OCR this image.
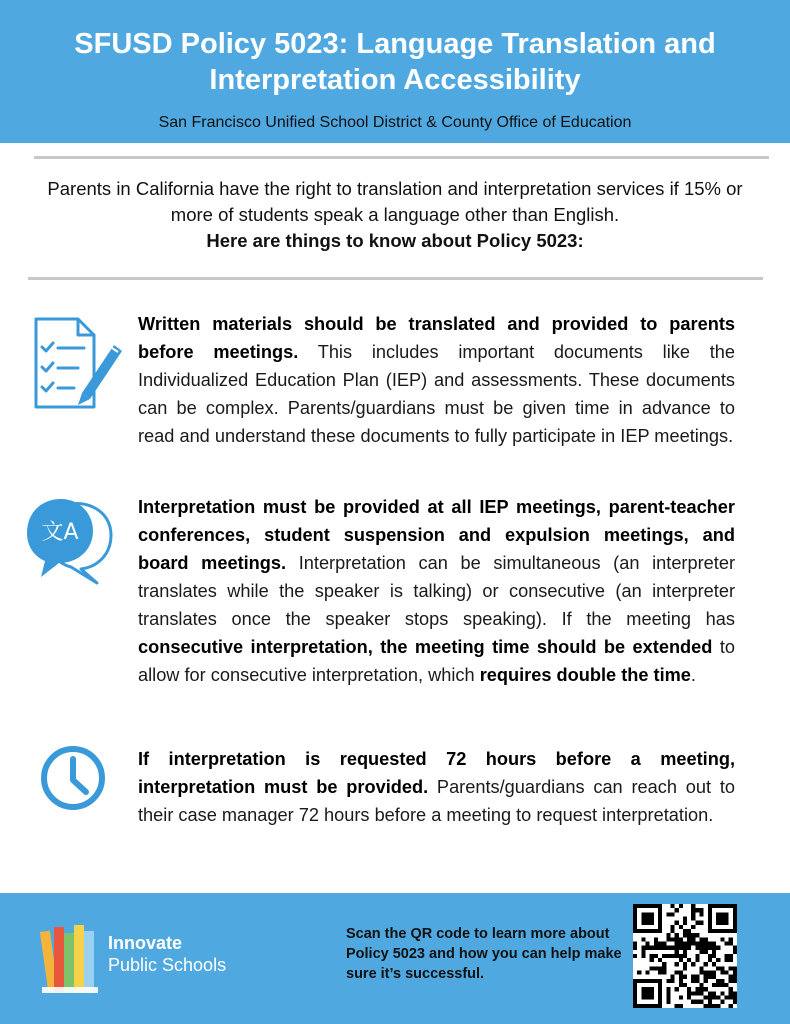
SFUSD Policy 5023: Language Translation and Interpretation Accessibility
San Francisco Unified School District & County Office of Education
Parents in California have the right to translation and interpretation services if 15% or more of students speak a language other than English.
Here are things to know about Policy 5023:
Written materials should be translated and provided to parents before meetings. This includes important documents like the Individualized Education Plan (IEP) and assessments. These documents can be complex. Parents/guardians must be given time in advance to read and understand these documents to fully participate in IEP meetings.
文A
Interpretation must be provided at all IEP meetings, parent-teacher conferences, student suspension and expulsion meetings, and board meetings. Interpretation can be simultaneous (an interpreter translates while the speaker is talking) or consecutive (an interpreter translates once the speaker stops speaking). If the meeting has consecutive interpretation, the meeting time should be extended to allow for consecutive interpretation, which requires double the time.
If interpretation is requested 72 hours before a meeting, interpretation must be provided. Parents/guardians can reach out to their case manager 72 hours before a meeting to request interpretation.
Innovate
Public Schools
Scan the QR code to learn more about Policy 5023 and how you can help make sure it’s successful.
